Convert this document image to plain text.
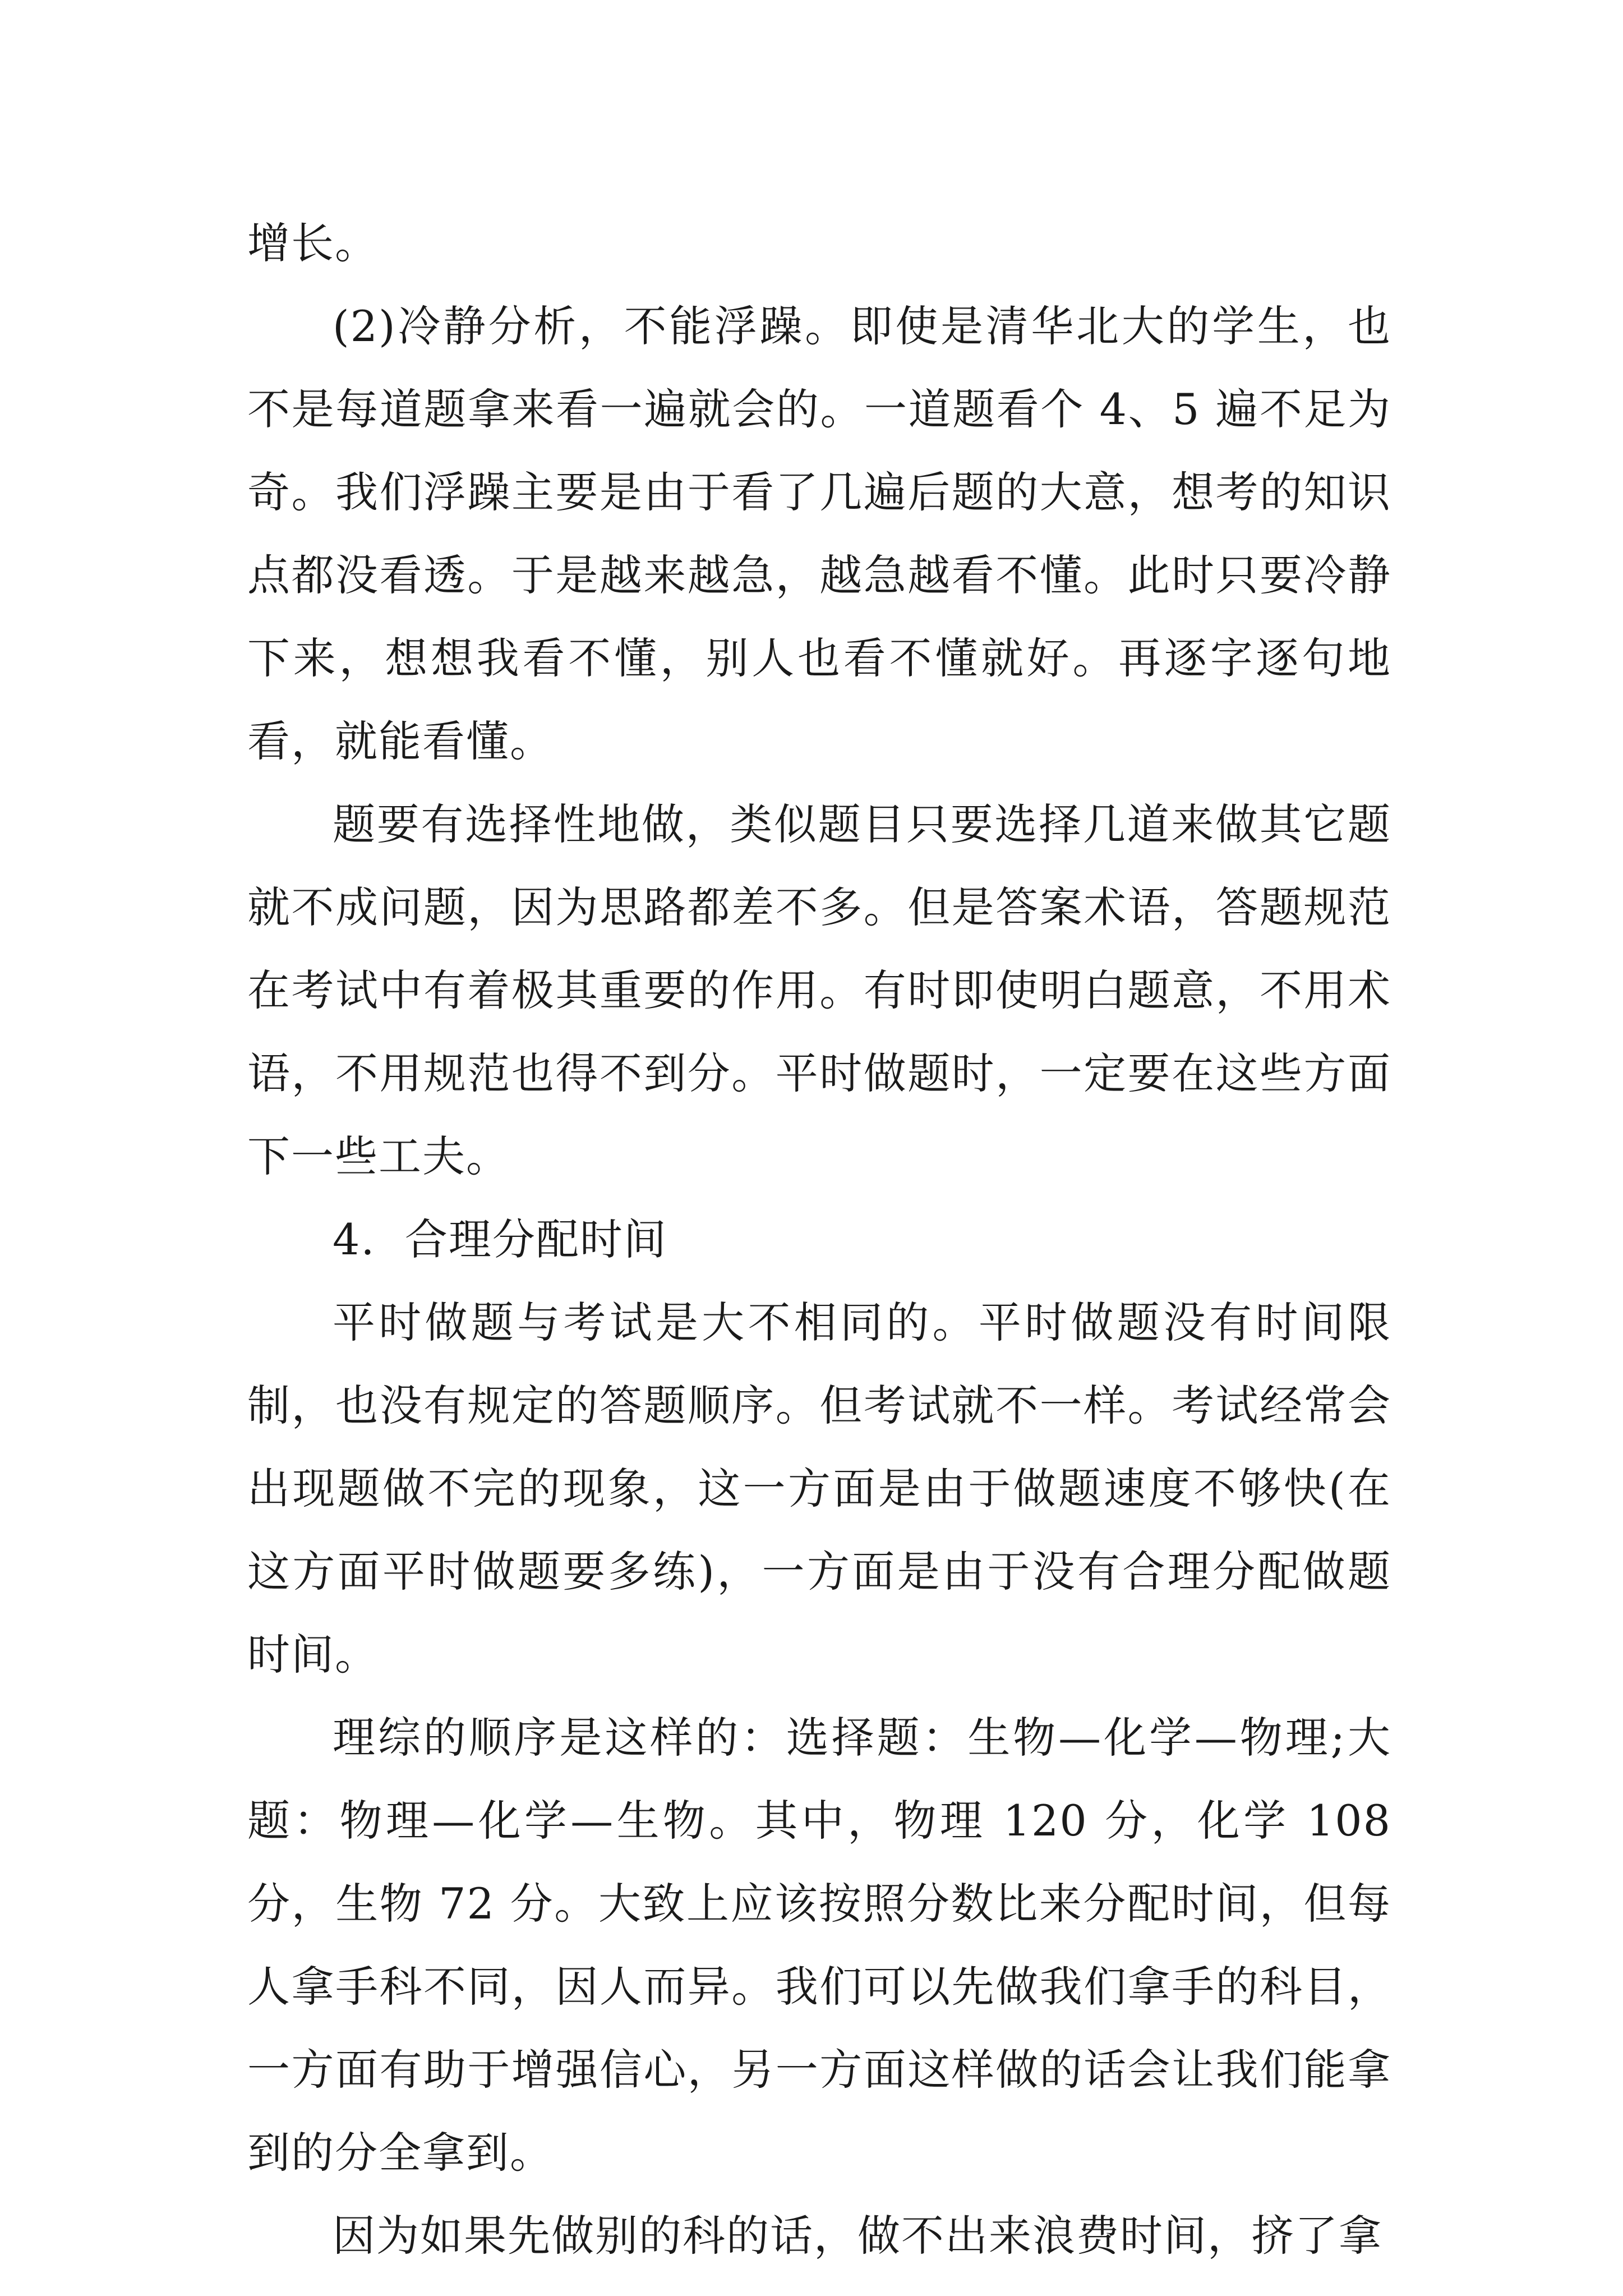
增长。

(2)冷静分析，不能浮躁。即使是清华北大的学生，也不是每道题拿来看一遍就会的。一道题看个 4、5 遍不足为奇。我们浮躁主要是由于看了几遍后题的大意，想考的知识点都没看透。于是越来越急，越急越看不懂。此时只要冷静下来，想想我看不懂，别人也看不懂就好。再逐字逐句地看，就能看懂。

题要有选择性地做，类似题目只要选择几道来做其它题就不成问题，因为思路都差不多。但是答案术语，答题规范在考试中有着极其重要的作用。有时即使明白题意，不用术语，不用规范也得不到分。平时做题时，一定要在这些方面下一些工夫。

4.  合理分配时间

平时做题与考试是大不相同的。平时做题没有时间限制，也没有规定的答题顺序。但考试就不一样。考试经常会出现题做不完的现象，这一方面是由于做题速度不够快(在这方面平时做题要多练)，一方面是由于没有合理分配做题时间。

理综的顺序是这样的：选择题：生物—化学—物理;大题：物理—化学—生物。其中，物理 120 分，化学 108 分，生物 72 分。大致上应该按照分数比来分配时间，但每人拿手科不同，因人而异。我们可以先做我们拿手的科目，一方面有助于增强信心，另一方面这样做的话会让我们能拿到的分全拿到。

因为如果先做别的科的话，做不出来浪费时间，挤了拿
